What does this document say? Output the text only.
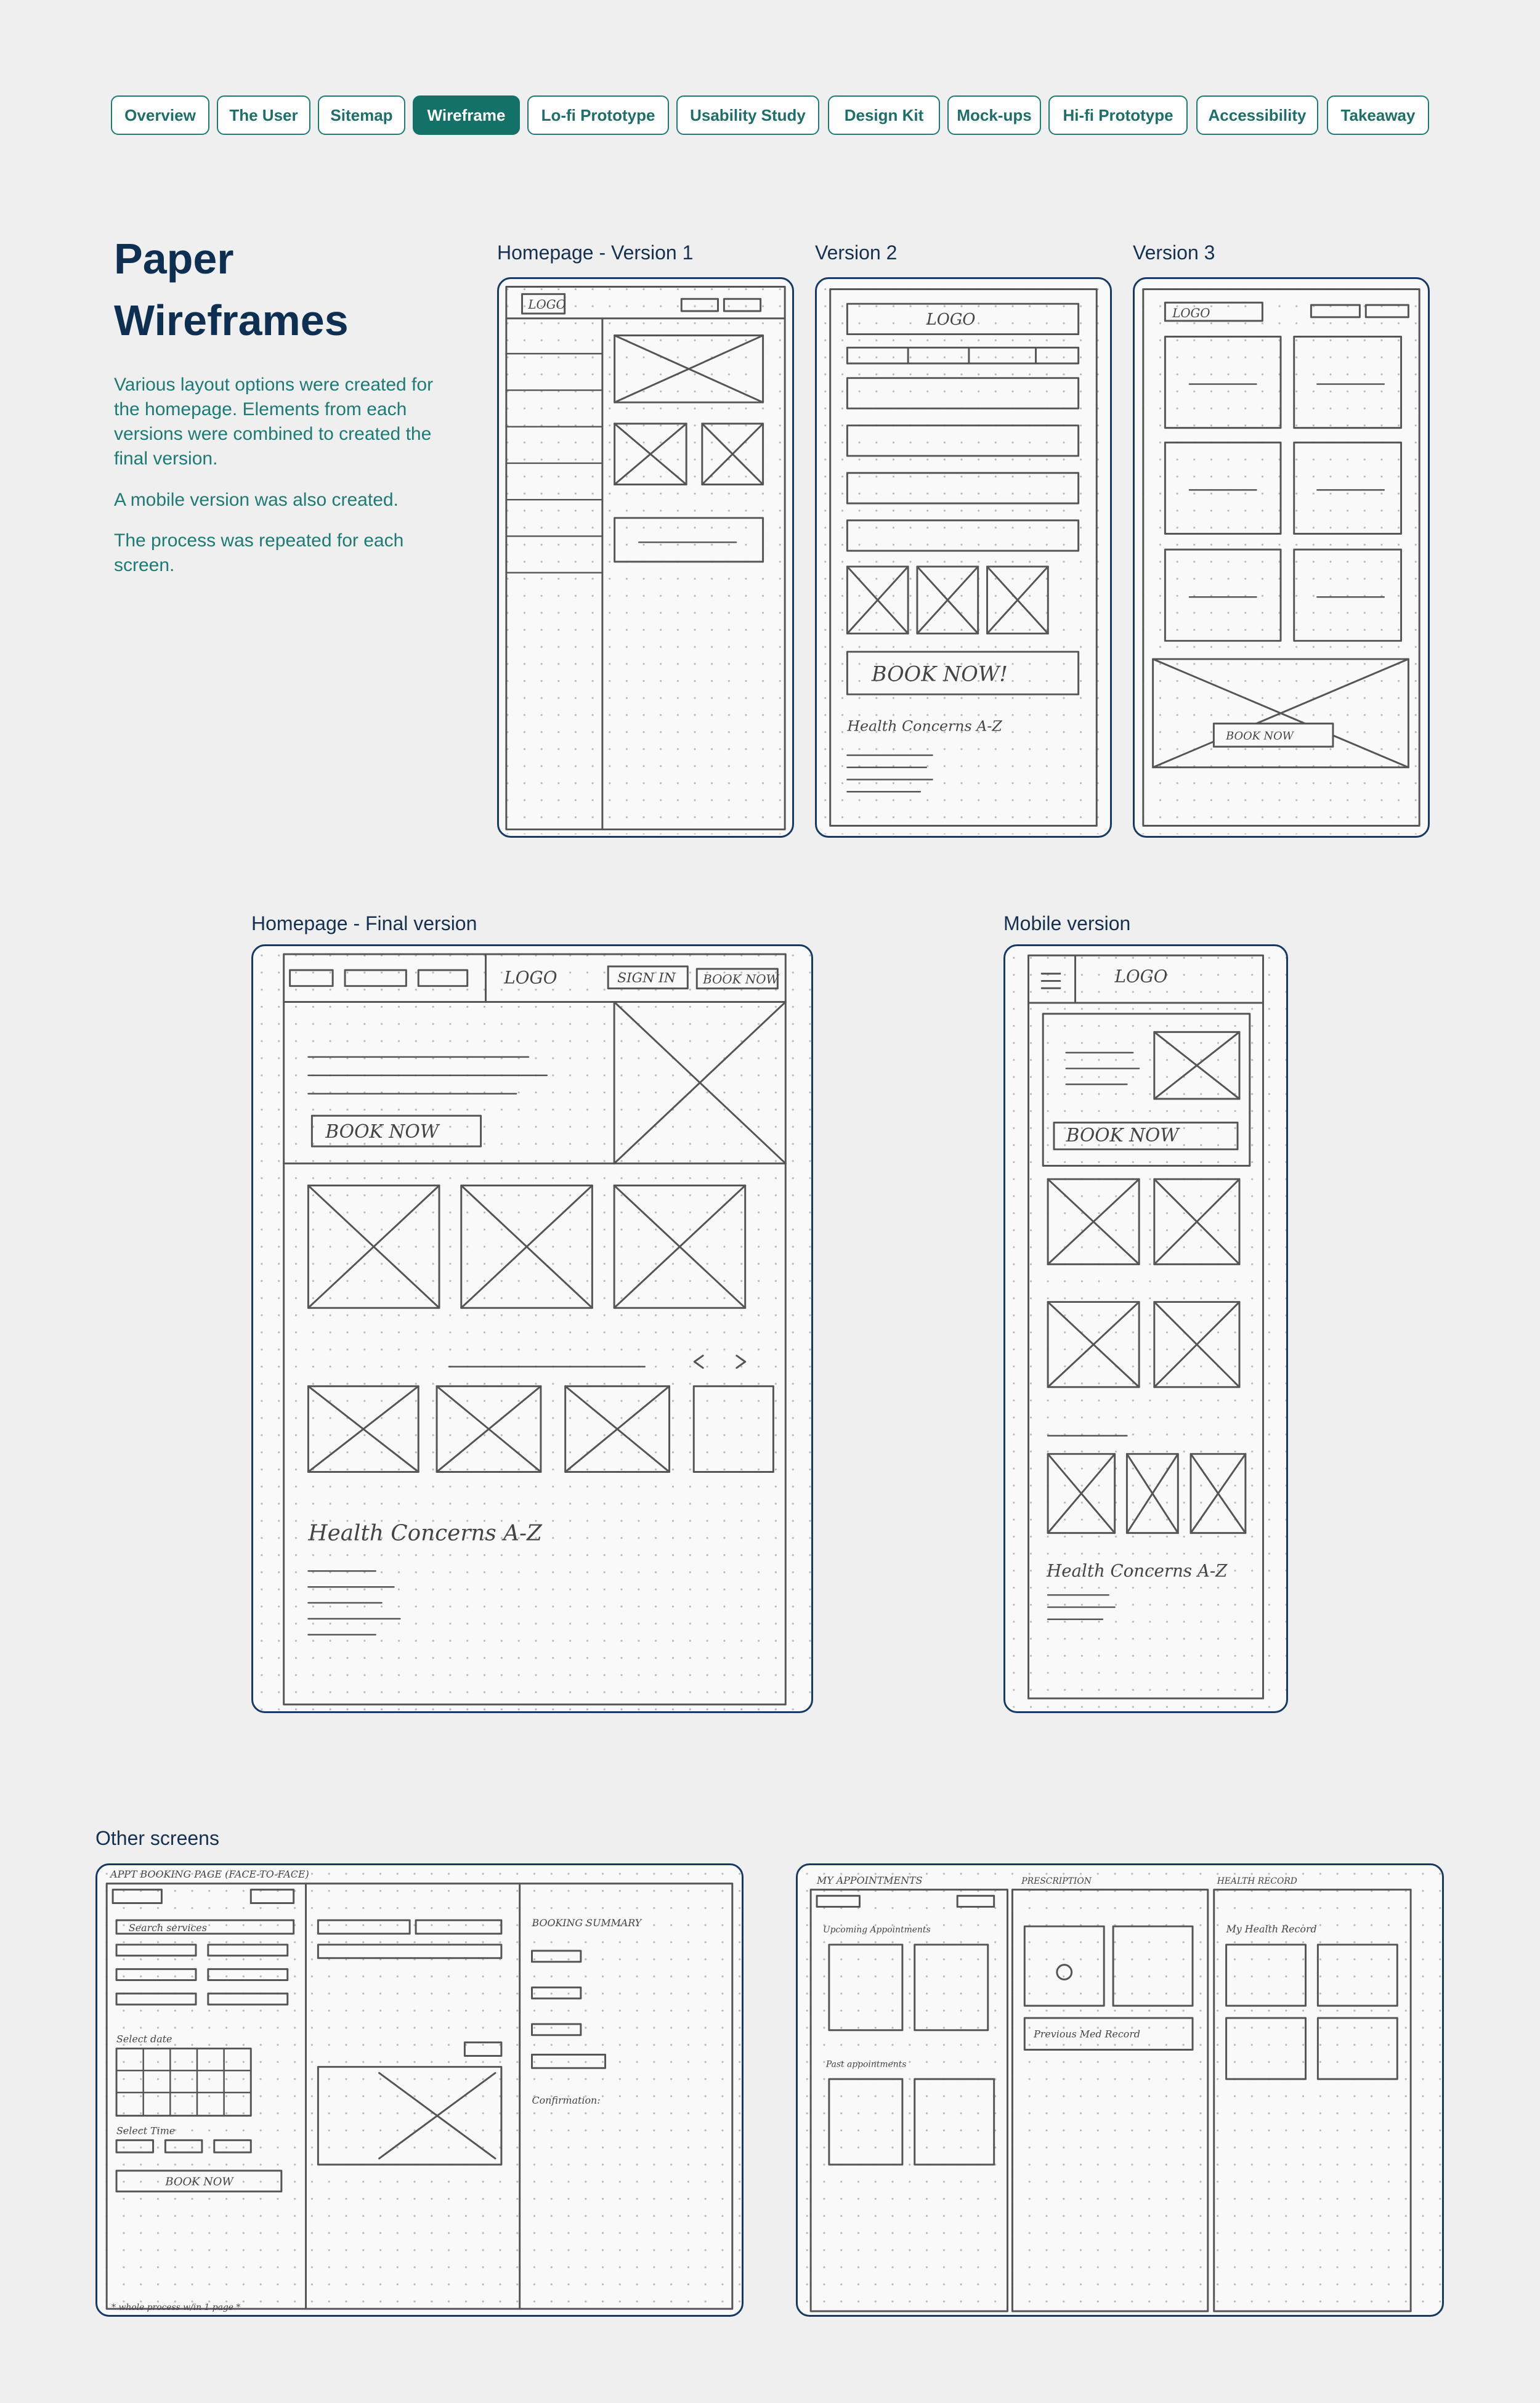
Overview	The User	Sitemap	Wireframe	Lo-fi Prototype	Usability Study	Design Kit	Mock-ups	Hi-fi Prototype	Accessibility	Takeaway
Paper
Wireframes
Various layout options were created for the homepage. Elements from each versions were combined to created the final version.
A mobile version was also created.
The process was repeated for each screen.
Homepage - Version 1	Version 2	Version 3
Homepage - Final version	Mobile version
Other screens
LOGO
LOGO
BOOK NOW!
Health Concerns A-Z
LOGO
BOOK NOW
LOGO	SIGN IN BOOK NOW
BOOK NOW
Health Concerns A-Z
LOGO
BOOK NOW
Health Concerns A-Z
APPT BOOKING PAGE (FACE-TO-FACE)
Search services
Select date
Select Time
BOOK NOW
BOOKING SUMMARY
Confirmation:
* whole process w/in 1 page *
MY APPOINTMENTS	PRESCRIPTION	HEALTH RECORD
Upcoming Appointments
Past appointments
Previous Med Record
My Health Record
